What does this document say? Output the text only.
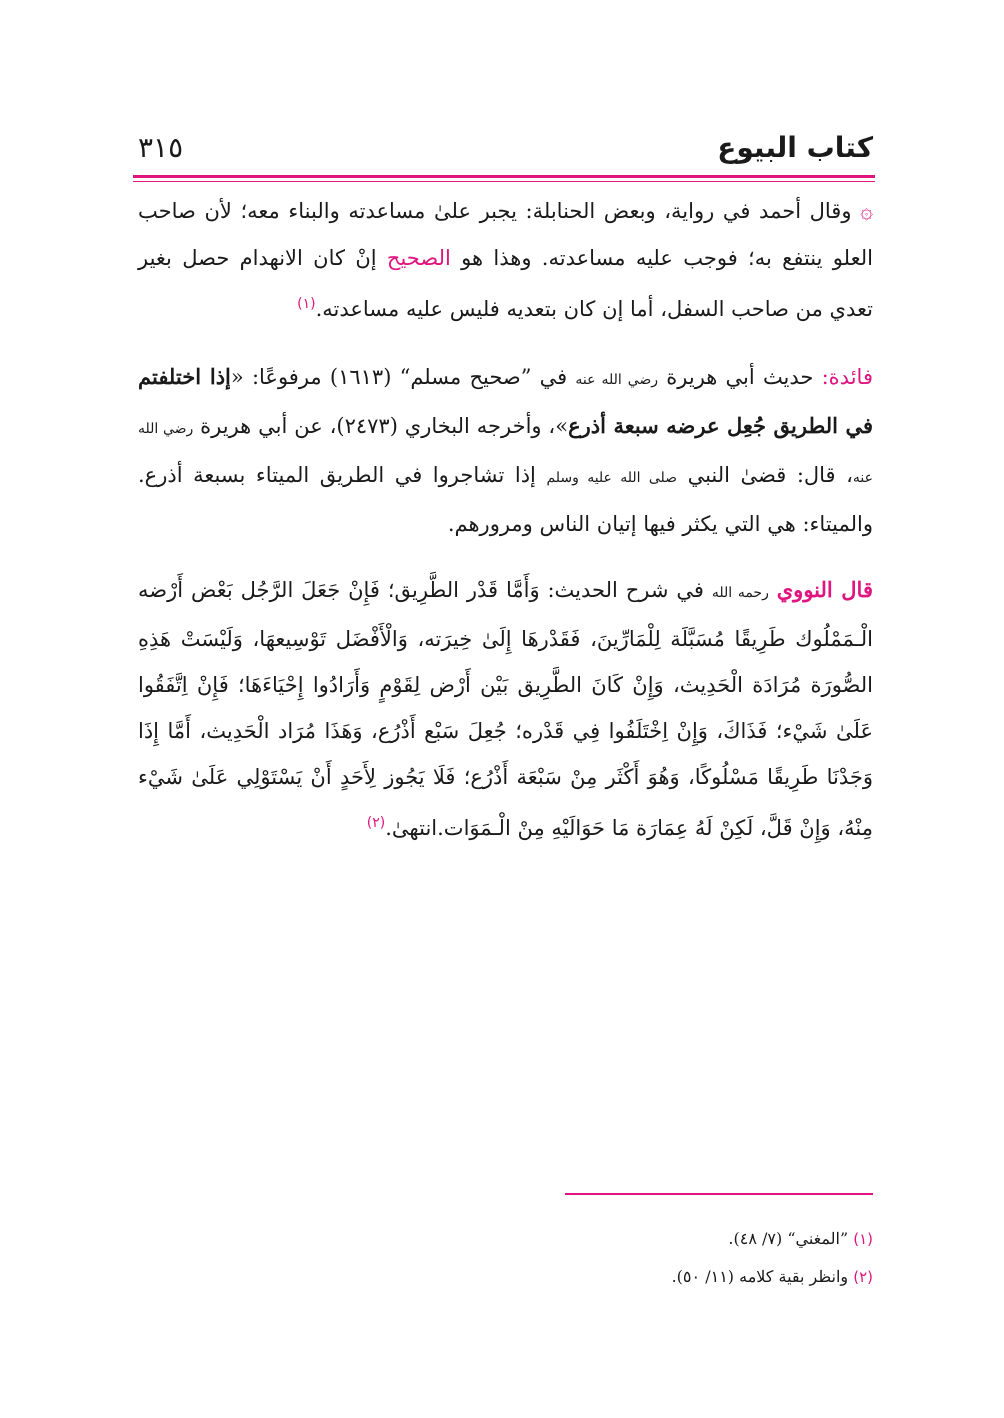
كتاب البيوع
٣١٥

۞ وقال أحمد في رواية، وبعض الحنابلة: يجبر علىٰ مساعدته والبناء معه؛ لأن صاحب العلو ينتفع به؛ فوجب عليه مساعدته. وهذا هو الصحيح إنْ كان الانهدام حصل بغير تعدي من صاحب السفل، أما إن كان بتعديه فليس عليه مساعدته.$^{(١)}$

فائدة: حديث أبي هريرة رضي الله عنه في ”صحيح مسلم“ (١٦١٣) مرفوعًا: «إذا اختلفتم في الطريق جُعِل عرضه سبعة أذرع»، وأخرجه البخاري (٢٤٧٣)، عن أبي هريرة رضي الله عنه، قال: قضىٰ النبي صلى الله عليه وسلم إذا تشاجروا في الطريق الميتاء بسبعة أذرع. والميتاء: هي التي يكثر فيها إتيان الناس ومرورهم.

قال النووي رحمه الله في شرح الحديث: وَأَمَّا قَدْر الطَّرِيق؛ فَإِنْ جَعَلَ الرَّجُل بَعْض أَرْضه الْـمَمْلُوك طَرِيقًا مُسَبَّلَة لِلْمَارِّينَ، فَقَدْرهَا إِلَىٰ خِيرَته، وَالْأَفْضَل تَوْسِيعهَا، وَلَيْسَتْ هَذِهِ الصُّورَة مُرَادَة الْحَدِيث، وَإِنْ كَانَ الطَّرِيق بَيْن أَرْض لِقَوْمٍ وَأَرَادُوا إِحْيَاءَهَا؛ فَإِنْ اِتَّفَقُوا عَلَىٰ شَيْء؛ فَذَاكَ، وَإِنْ اِخْتَلَفُوا فِي قَدْره؛ جُعِلَ سَبْع أَذْرُع، وَهَذَا مُرَاد الْحَدِيث، أَمَّا إِذَا وَجَدْنَا طَرِيقًا مَسْلُوكًا، وَهُوَ أَكْثَر مِنْ سَبْعَة أَذْرُع؛ فَلَا يَجُوز لِأَحَدٍ أَنْ يَسْتَوْلِي عَلَىٰ شَيْء مِنْهُ، وَإِنْ قَلَّ، لَكِنْ لَهُ عِمَارَة مَا حَوَالَيْهِ مِنْ الْـمَوَات.انتهىٰ.$^{(٢)}$

(١) ”المغني“ (٧/ ٤٨).

(٢) وانظر بقية كلامه (١١/ ٥٠).
